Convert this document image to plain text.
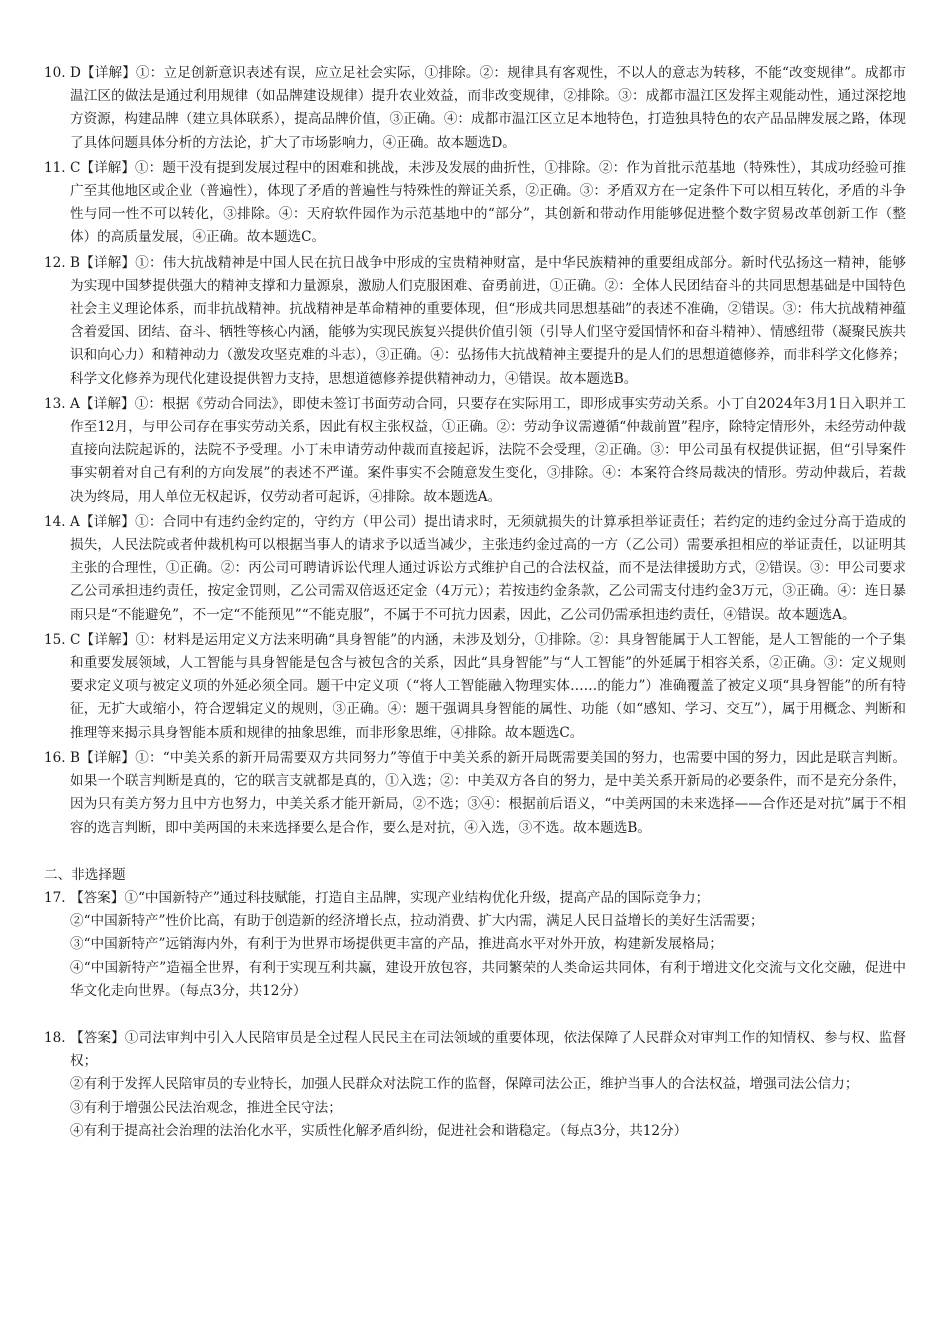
10. D【详解】①：立足创新意识表述有误，应立足社会实际，①排除。②：规律具有客观性，不以人的意志为转移，不能“改变规律”。成都市温江区的做法是通过利用规律（如品牌建设规律）提升农业效益，而非改变规律，②排除。③：成都市温江区发挥主观能动性，通过深挖地方资源，构建品牌（建立具体联系），提高品牌价值，③正确。④：成都市温江区立足本地特色，打造独具特色的农产品品牌发展之路，体现了具体问题具体分析的方法论，扩大了市场影响力，④正确。故本题选D。

11. C【详解】①：题干没有提到发展过程中的困难和挑战，未涉及发展的曲折性，①排除。②：作为首批示范基地（特殊性），其成功经验可推广至其他地区或企业（普遍性），体现了矛盾的普遍性与特殊性的辩证关系，②正确。③：矛盾双方在一定条件下可以相互转化，矛盾的斗争性与同一性不可以转化，③排除。④：天府软件园作为示范基地中的“部分”，其创新和带动作用能够促进整个数字贸易改革创新工作（整体）的高质量发展，④正确。故本题选C。

12. B【详解】①：伟大抗战精神是中国人民在抗日战争中形成的宝贵精神财富，是中华民族精神的重要组成部分。新时代弘扬这一精神，能够为实现中国梦提供强大的精神支撑和力量源泉，激励人们克服困难、奋勇前进，①正确。②：全体人民团结奋斗的共同思想基础是中国特色社会主义理论体系，而非抗战精神。抗战精神是革命精神的重要体现，但“形成共同思想基础”的表述不准确，②错误。③：伟大抗战精神蕴含着爱国、团结、奋斗、牺牲等核心内涵，能够为实现民族复兴提供价值引领（引导人们坚守爱国情怀和奋斗精神）、情感纽带（凝聚民族共识和向心力）和精神动力（激发攻坚克难的斗志），③正确。④：弘扬伟大抗战精神主要提升的是人们的思想道德修养，而非科学文化修养；科学文化修养为现代化建设提供智力支持，思想道德修养提供精神动力，④错误。故本题选B。

13. A【详解】①：根据《劳动合同法》，即使未签订书面劳动合同，只要存在实际用工，即形成事实劳动关系。小丁自2024年3月1日入职并工作至12月，与甲公司存在事实劳动关系，因此有权主张权益，①正确。②：劳动争议需遵循“仲裁前置”程序，除特定情形外，未经劳动仲裁直接向法院起诉的，法院不予受理。小丁未申请劳动仲裁而直接起诉，法院不会受理，②正确。③：甲公司虽有权提供证据，但“引导案件事实朝着对自己有利的方向发展”的表述不严谨。案件事实不会随意发生变化，③排除。④：本案符合终局裁决的情形。劳动仲裁后，若裁决为终局，用人单位无权起诉，仅劳动者可起诉，④排除。故本题选A。

14. A【详解】①：合同中有违约金约定的，守约方（甲公司）提出请求时，无须就损失的计算承担举证责任；若约定的违约金过分高于造成的损失，人民法院或者仲裁机构可以根据当事人的请求予以适当减少，主张违约金过高的一方（乙公司）需要承担相应的举证责任，以证明其主张的合理性，①正确。②：丙公司可聘请诉讼代理人通过诉讼方式维护自己的合法权益，而不是法律援助方式，②错误。③：甲公司要求乙公司承担违约责任，按定金罚则，乙公司需双倍返还定金（4万元）；若按违约金条款，乙公司需支付违约金3万元，③正确。④：连日暴雨只是“不能避免”，不一定“不能预见”“不能克服”，不属于不可抗力因素，因此，乙公司仍需承担违约责任，④错误。故本题选A。

15. C【详解】①：材料是运用定义方法来明确“具身智能”的内涵，未涉及划分，①排除。②：具身智能属于人工智能，是人工智能的一个子集和重要发展领域，人工智能与具身智能是包含与被包含的关系，因此“具身智能”与“人工智能”的外延属于相容关系，②正确。③：定义规则要求定义项与被定义项的外延必须全同。题干中定义项（“将人工智能融入物理实体……的能力”）准确覆盖了被定义项“具身智能”的所有特征，无扩大或缩小，符合逻辑定义的规则，③正确。④：题干强调具身智能的属性、功能（如“感知、学习、交互”），属于用概念、判断和推理等来揭示具身智能本质和规律的抽象思维，而非形象思维，④排除。故本题选C。

16. B【详解】①：“中美关系的新开局需要双方共同努力”等值于中美关系的新开局既需要美国的努力，也需要中国的努力，因此是联言判断。如果一个联言判断是真的，它的联言支就都是真的，①入选；②：中美双方各自的努力，是中美关系开新局的必要条件，而不是充分条件，因为只有美方努力且中方也努力，中美关系才能开新局，②不选；③④：根据前后语义，“中美两国的未来选择——合作还是对抗”属于不相容的选言判断，即中美两国的未来选择要么是合作，要么是对抗，④入选，③不选。故本题选B。

二、非选择题
17. 【答案】①“中国新特产”通过科技赋能，打造自主品牌，实现产业结构优化升级，提高产品的国际竞争力；

②“中国新特产”性价比高，有助于创造新的经济增长点，拉动消费、扩大内需，满足人民日益增长的美好生活需要；

③“中国新特产”远销海内外，有利于为世界市场提供更丰富的产品，推进高水平对外开放，构建新发展格局；

④“中国新特产”造福全世界，有利于实现互利共赢，建设开放包容，共同繁荣的人类命运共同体，有利于增进文化交流与文化交融，促进中华文化走向世界。（每点3分，共12分）

18. 【答案】①司法审判中引入人民陪审员是全过程人民民主在司法领域的重要体现，依法保障了人民群众对审判工作的知情权、参与权、监督权；

②有利于发挥人民陪审员的专业特长，加强人民群众对法院工作的监督，保障司法公正，维护当事人的合法权益，增强司法公信力；

③有利于增强公民法治观念，推进全民守法；

④有利于提高社会治理的法治化水平，实质性化解矛盾纠纷，促进社会和谐稳定。（每点3分，共12分）
